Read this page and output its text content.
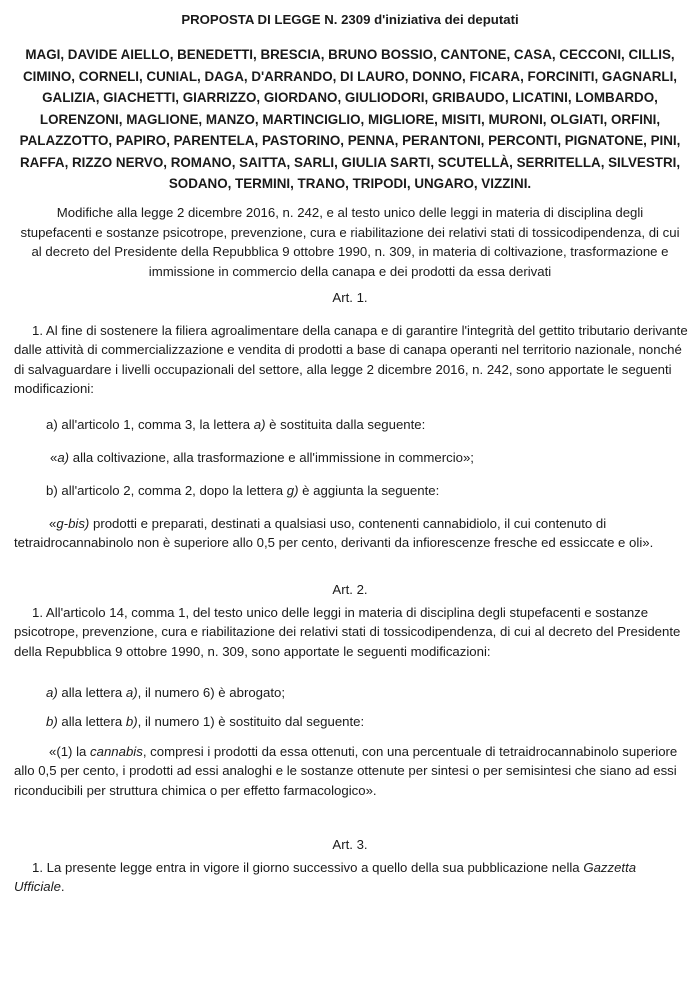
PROPOSTA DI LEGGE N. 2309 d'iniziativa dei deputati
MAGI, DAVIDE AIELLO, BENEDETTI, BRESCIA, BRUNO BOSSIO, CANTONE, CASA, CECCONI, CILLIS, CIMINO, CORNELI, CUNIAL, DAGA, D'ARRANDO, DI LAURO, DONNO, FICARA, FORCINITI, GAGNARLI, GALIZIA, GIACHETTI, GIARRIZZO, GIORDANO, GIULIODORI, GRIBAUDO, LICATINI, LOMBARDO, LORENZONI, MAGLIONE, MANZO, MARTINCIGLIO, MIGLIORE, MISITI, MURONI, OLGIATI, ORFINI, PALAZZOTTO, PAPIRO, PARENTELA, PASTORINO, PENNA, PERANTONI, PERCONTI, PIGNATONE, PINI, RAFFA, RIZZO NERVO, ROMANO, SAITTA, SARLI, GIULIA SARTI, SCUTELLÀ, SERRITELLA, SILVESTRI, SODANO, TERMINI, TRANO, TRIPODI, UNGARO, VIZZINI.
Modifiche alla legge 2 dicembre 2016, n. 242, e al testo unico delle leggi in materia di disciplina degli stupefacenti e sostanze psicotrope, prevenzione, cura e riabilitazione dei relativi stati di tossicodipendenza, di cui al decreto del Presidente della Repubblica 9 ottobre 1990, n. 309, in materia di coltivazione, trasformazione e immissione in commercio della canapa e dei prodotti da essa derivati
Art. 1.
1. Al fine di sostenere la filiera agroalimentare della canapa e di garantire l'integrità del gettito tributario derivante dalle attività di commercializzazione e vendita di prodotti a base di canapa operanti nel territorio nazionale, nonché di salvaguardare i livelli occupazionali del settore, alla legge 2 dicembre 2016, n. 242, sono apportate le seguenti modificazioni:
a) all'articolo 1, comma 3, la lettera a) è sostituita dalla seguente:
«a) alla coltivazione, alla trasformazione e all'immissione in commercio»;
b) all'articolo 2, comma 2, dopo la lettera g) è aggiunta la seguente:
«g-bis) prodotti e preparati, destinati a qualsiasi uso, contenenti cannabidiolo, il cui contenuto di tetraidrocannabinolo non è superiore allo 0,5 per cento, derivanti da infiorescenze fresche ed essiccate e oli».
Art. 2.
1. All'articolo 14, comma 1, del testo unico delle leggi in materia di disciplina degli stupefacenti e sostanze psicotrope, prevenzione, cura e riabilitazione dei relativi stati di tossicodipendenza, di cui al decreto del Presidente della Repubblica 9 ottobre 1990, n. 309, sono apportate le seguenti modificazioni:
a) alla lettera a), il numero 6) è abrogato;
b) alla lettera b), il numero 1) è sostituito dal seguente:
«(1) la cannabis, compresi i prodotti da essa ottenuti, con una percentuale di tetraidrocannabinolo superiore allo 0,5 per cento, i prodotti ad essi analoghi e le sostanze ottenute per sintesi o per semisintesi che siano ad essi riconducibili per struttura chimica o per effetto farmacologico».
Art. 3.
1. La presente legge entra in vigore il giorno successivo a quello della sua pubblicazione nella Gazzetta Ufficiale.
